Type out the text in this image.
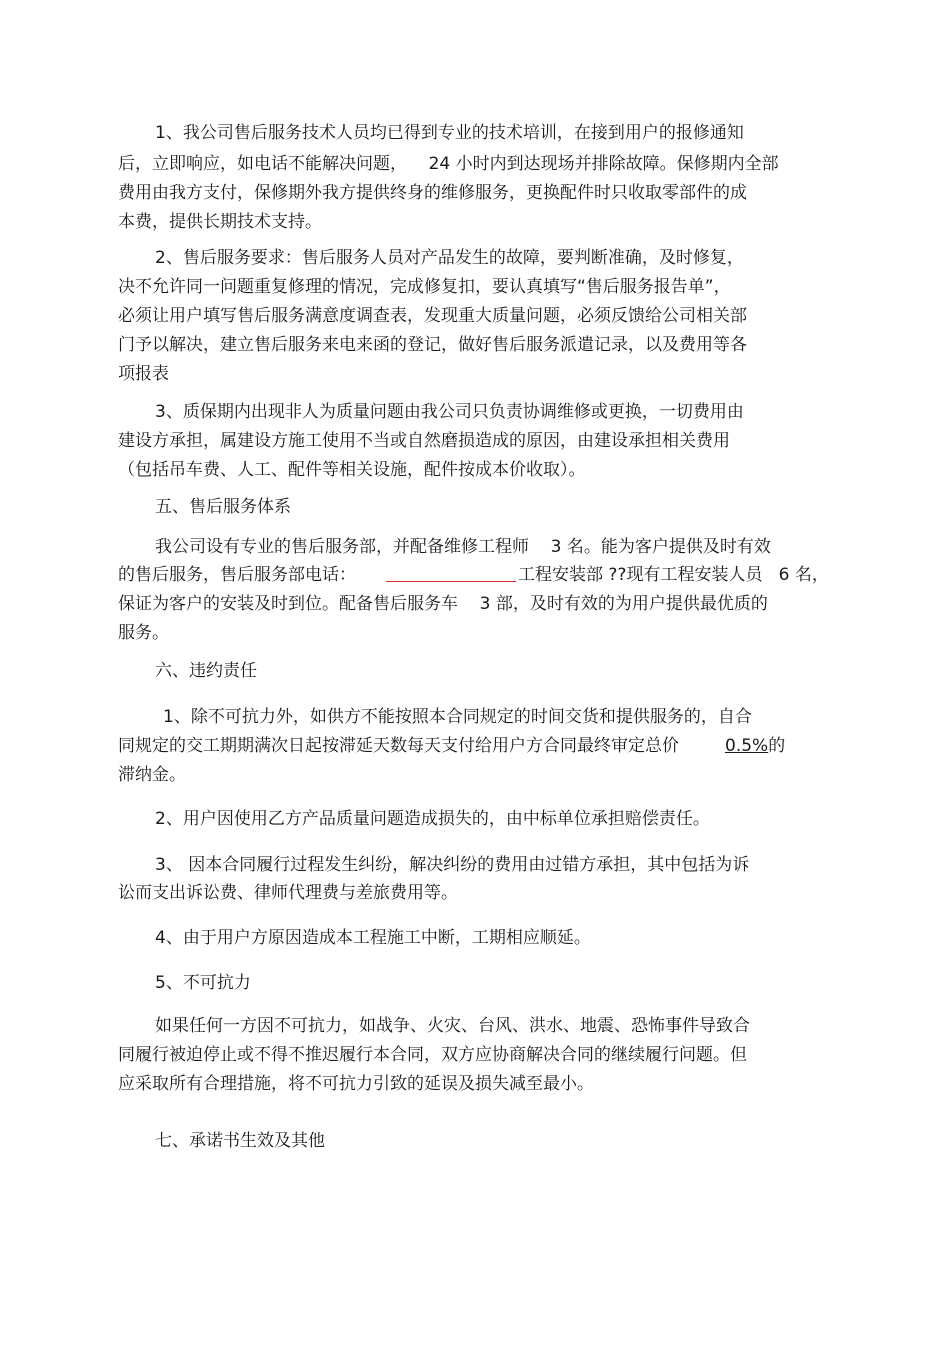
1、我公司售后服务技术人员均已得到专业的技术培训，在接到用户的报修通知

后，立即响应，如电话不能解决问题，    24 小时内到达现场并排除故障。保修期内全部

费用由我方支付，保修期外我方提供终身的维修服务，更换配件时只收取零部件的成

本费，提供长期技术支持。

2、售后服务要求：售后服务人员对产品发生的故障，要判断准确，及时修复，

决不允许同一问题重复修理的情况，完成修复扣，要认真填写“售后服务报告单”，

必须让用户填写售后服务满意度调查表，发现重大质量问题，必须反馈给公司相关部

门予以解决，建立售后服务来电来函的登记，做好售后服务派遣记录，以及费用等各

项报表

3、质保期内出现非人为质量问题由我公司只负责协调维修或更换，一切费用由

建设方承担，属建设方施工使用不当或自然磨损造成的原因，由建设承担相关费用

（包括吊车费、人工、配件等相关设施，配件按成本价收取）。

五、售后服务体系

我公司设有专业的售后服务部，并配备维修工程师    3 名。能为客户提供及时有效

的售后服务，售后服务部电话：	工程安装部 ??现有工程安装人员   6 名，

保证为客户的安装及时到位。配备售后服务车    3 部，及时有效的为用户提供最优质的

服务。

六、违约责任

1、除不可抗力外，如供方不能按照本合同规定的时间交货和提供服务的，自合

同规定的交工期期满次日起按滞延天数每天支付给用户方合同最终审定总价	0.5%的

滞纳金。

2、用户因使用乙方产品质量问题造成损失的，由中标单位承担赔偿责任。

3、 因本合同履行过程发生纠纷，解决纠纷的费用由过错方承担，其中包括为诉

讼而支出诉讼费、律师代理费与差旅费用等。

4、由于用户方原因造成本工程施工中断，工期相应顺延。

5、不可抗力

如果任何一方因不可抗力，如战争、火灾、台风、洪水、地震、恐怖事件导致合

同履行被迫停止或不得不推迟履行本合同，双方应协商解决合同的继续履行问题。但

应采取所有合理措施，将不可抗力引致的延误及损失减至最小。

七、承诺书生效及其他
